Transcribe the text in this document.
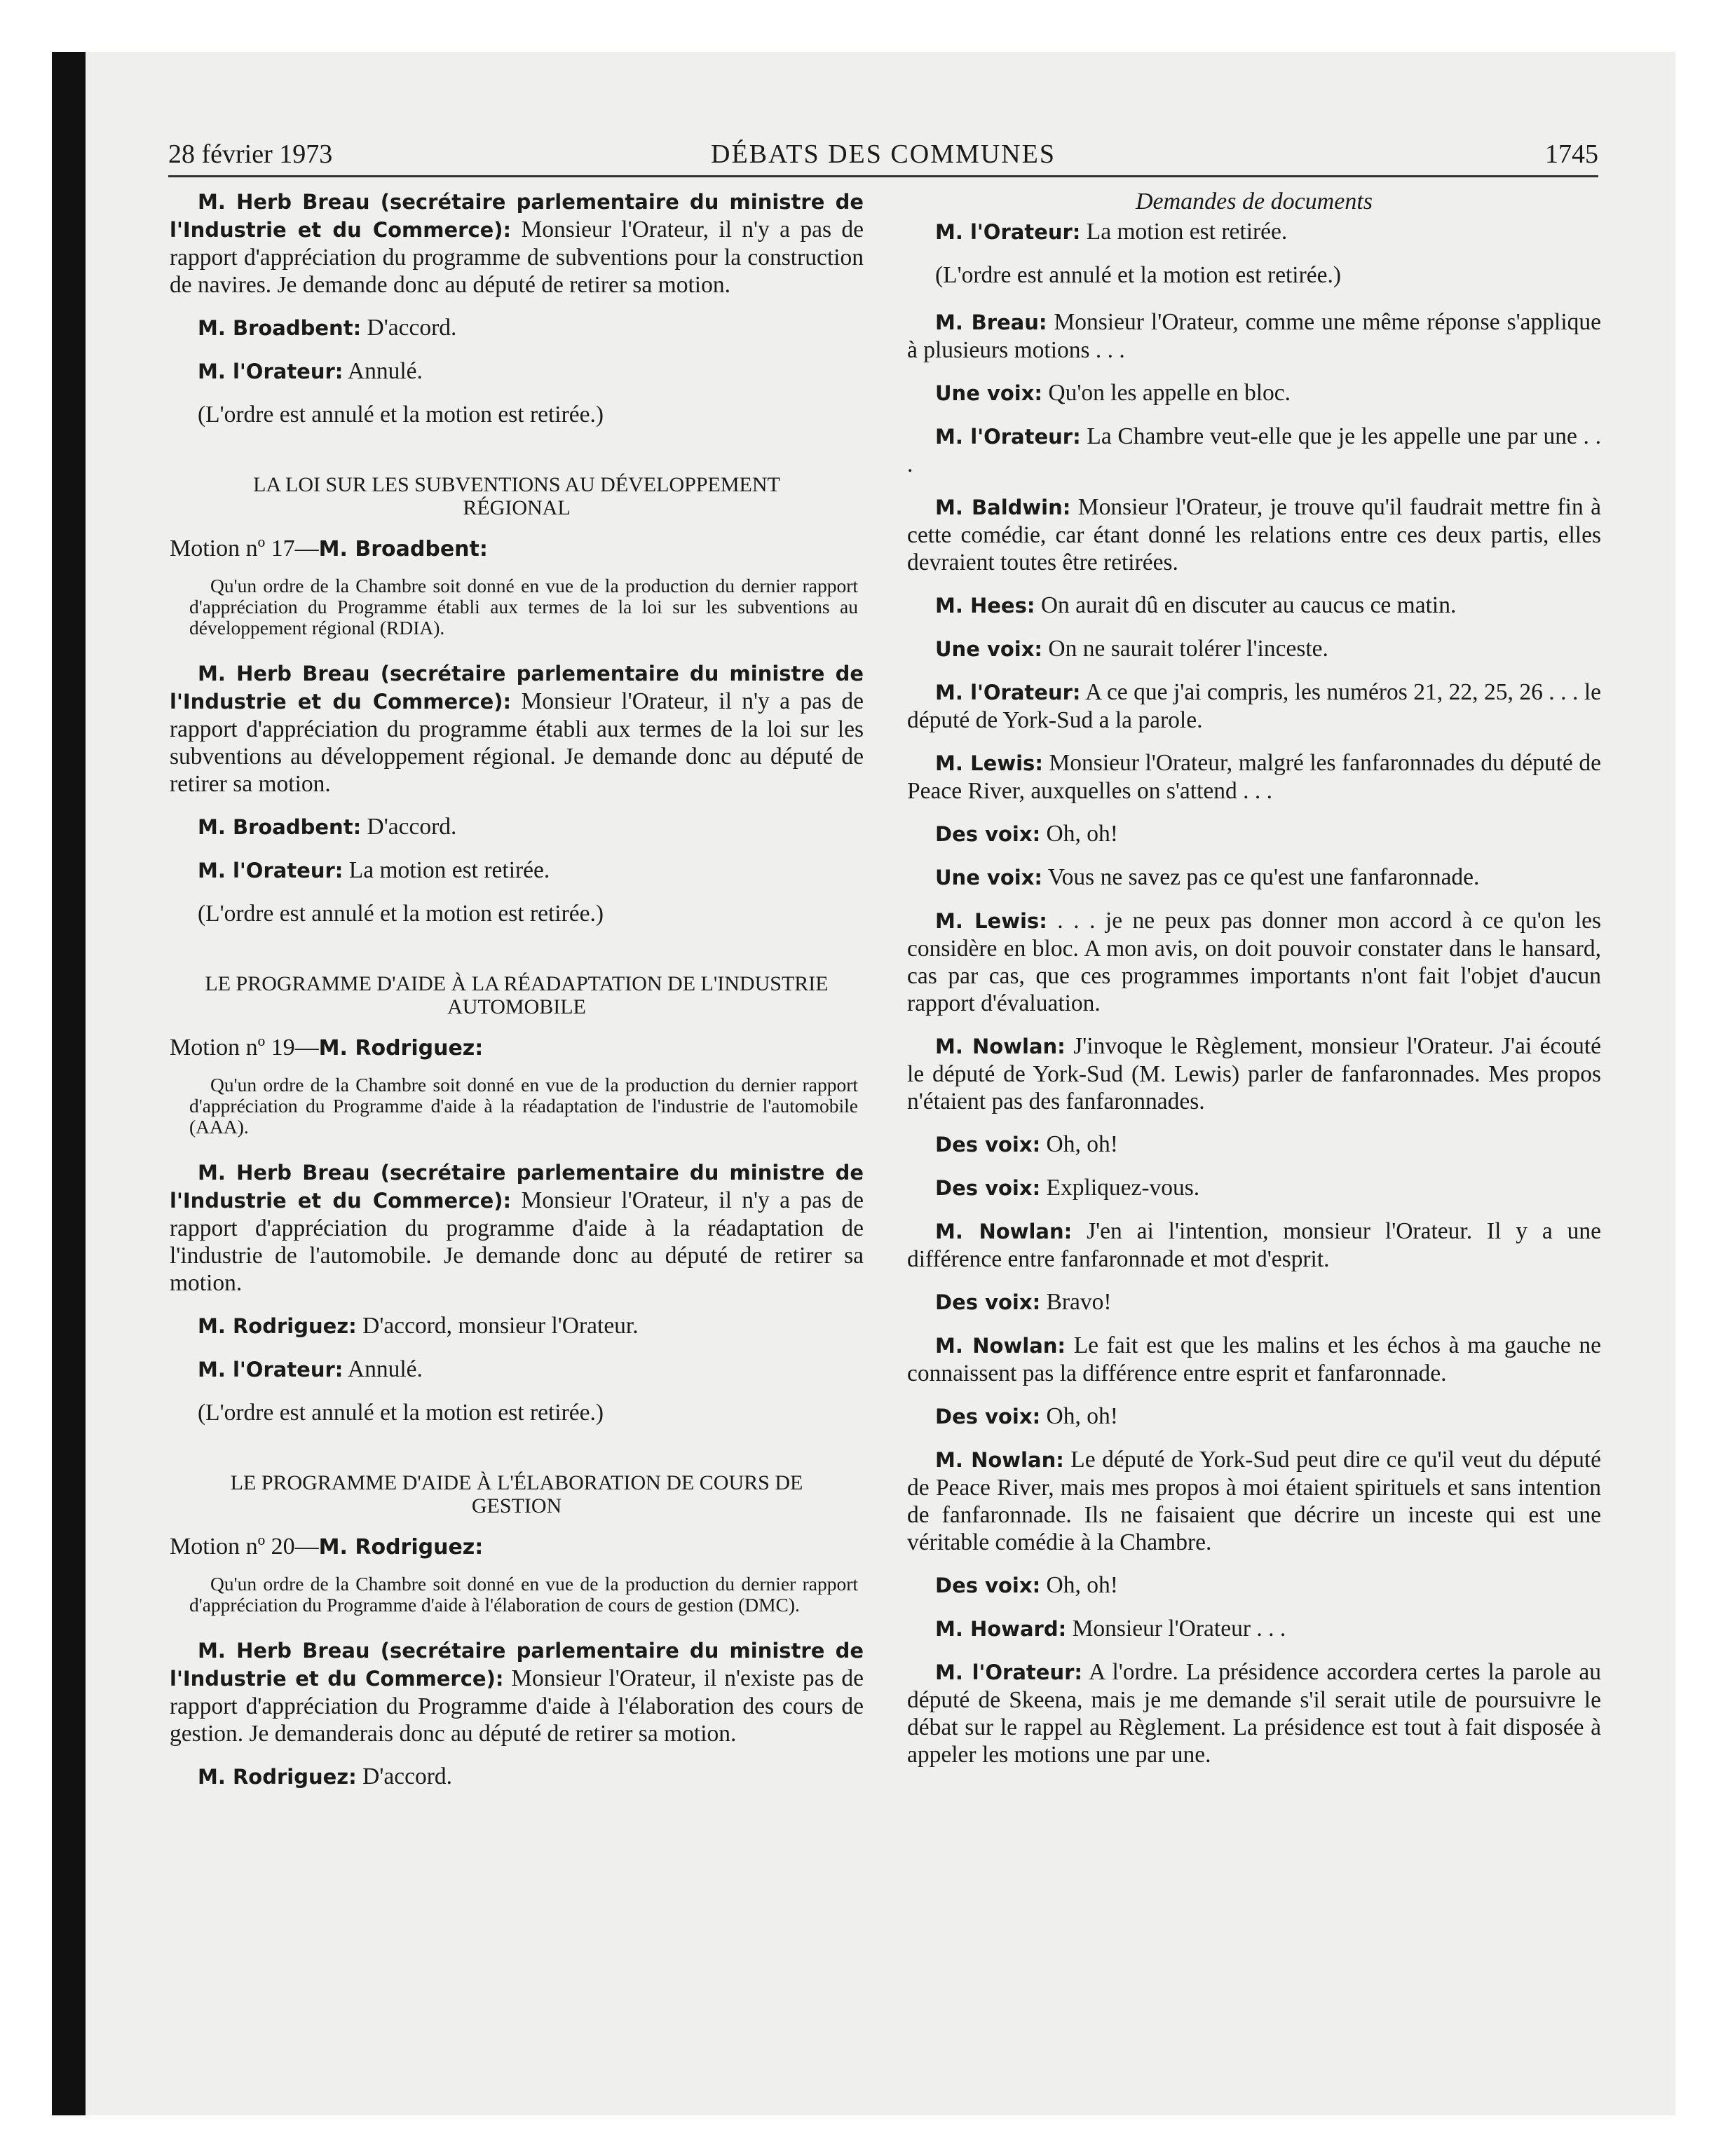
28 février 1973	DÉBATS DES COMMUNES	1745

M. Herb Breau (secrétaire parlementaire du ministre de l'Industrie et du Commerce): Monsieur l'Orateur, il n'y a pas de rapport d'appréciation du programme de subventions pour la construction de navires. Je demande donc au député de retirer sa motion.

M. Broadbent: D'accord.

M. l'Orateur: Annulé.

(L'ordre est annulé et la motion est retirée.)

LA LOI SUR LES SUBVENTIONS AU DÉVELOPPEMENT RÉGIONAL

Motion nº 17—M. Broadbent:

Qu'un ordre de la Chambre soit donné en vue de la production du dernier rapport d'appréciation du Programme établi aux termes de la loi sur les subventions au développement régional (RDIA).

M. Herb Breau (secrétaire parlementaire du ministre de l'Industrie et du Commerce): Monsieur l'Orateur, il n'y a pas de rapport d'appréciation du programme établi aux termes de la loi sur les subventions au développement régional. Je demande donc au député de retirer sa motion.

M. Broadbent: D'accord.

M. l'Orateur: La motion est retirée.

(L'ordre est annulé et la motion est retirée.)

LE PROGRAMME D'AIDE À LA RÉADAPTATION DE L'INDUSTRIE AUTOMOBILE

Motion nº 19—M. Rodriguez:

Qu'un ordre de la Chambre soit donné en vue de la production du dernier rapport d'appréciation du Programme d'aide à la réadaptation de l'industrie de l'automobile (AAA).

M. Herb Breau (secrétaire parlementaire du ministre de l'Industrie et du Commerce): Monsieur l'Orateur, il n'y a pas de rapport d'appréciation du programme d'aide à la réadaptation de l'industrie de l'automobile. Je demande donc au député de retirer sa motion.

M. Rodriguez: D'accord, monsieur l'Orateur.

M. l'Orateur: Annulé.

(L'ordre est annulé et la motion est retirée.)

LE PROGRAMME D'AIDE À L'ÉLABORATION DE COURS DE GESTION

Motion nº 20—M. Rodriguez:

Qu'un ordre de la Chambre soit donné en vue de la production du dernier rapport d'appréciation du Programme d'aide à l'élaboration de cours de gestion (DMC).

M. Herb Breau (secrétaire parlementaire du ministre de l'Industrie et du Commerce): Monsieur l'Orateur, il n'existe pas de rapport d'appréciation du Programme d'aide à l'élaboration des cours de gestion. Je demanderais donc au député de retirer sa motion.

M. Rodriguez: D'accord.

Demandes de documents

M. l'Orateur: La motion est retirée.

(L'ordre est annulé et la motion est retirée.)

M. Breau: Monsieur l'Orateur, comme une même réponse s'applique à plusieurs motions . . .

Une voix: Qu'on les appelle en bloc.

M. l'Orateur: La Chambre veut-elle que je les appelle une par une . . .

M. Baldwin: Monsieur l'Orateur, je trouve qu'il faudrait mettre fin à cette comédie, car étant donné les relations entre ces deux partis, elles devraient toutes être retirées.

M. Hees: On aurait dû en discuter au caucus ce matin.

Une voix: On ne saurait tolérer l'inceste.

M. l'Orateur: A ce que j'ai compris, les numéros 21, 22, 25, 26 . . . le député de York-Sud a la parole.

M. Lewis: Monsieur l'Orateur, malgré les fanfaronnades du député de Peace River, auxquelles on s'attend . . .

Des voix: Oh, oh!

Une voix: Vous ne savez pas ce qu'est une fanfaronnade.

M. Lewis: . . . je ne peux pas donner mon accord à ce qu'on les considère en bloc. A mon avis, on doit pouvoir constater dans le hansard, cas par cas, que ces programmes importants n'ont fait l'objet d'aucun rapport d'évaluation.

M. Nowlan: J'invoque le Règlement, monsieur l'Orateur. J'ai écouté le député de York-Sud (M. Lewis) parler de fanfaronnades. Mes propos n'étaient pas des fanfaronnades.

Des voix: Oh, oh!

Des voix: Expliquez-vous.

M. Nowlan: J'en ai l'intention, monsieur l'Orateur. Il y a une différence entre fanfaronnade et mot d'esprit.

Des voix: Bravo!

M. Nowlan: Le fait est que les malins et les échos à ma gauche ne connaissent pas la différence entre esprit et fanfaronnade.

Des voix: Oh, oh!

M. Nowlan: Le député de York-Sud peut dire ce qu'il veut du député de Peace River, mais mes propos à moi étaient spirituels et sans intention de fanfaronnade. Ils ne faisaient que décrire un inceste qui est une véritable comédie à la Chambre.

Des voix: Oh, oh!

M. Howard: Monsieur l'Orateur . . .

M. l'Orateur: A l'ordre. La présidence accordera certes la parole au député de Skeena, mais je me demande s'il serait utile de poursuivre le débat sur le rappel au Règlement. La présidence est tout à fait disposée à appeler les motions une par une.
